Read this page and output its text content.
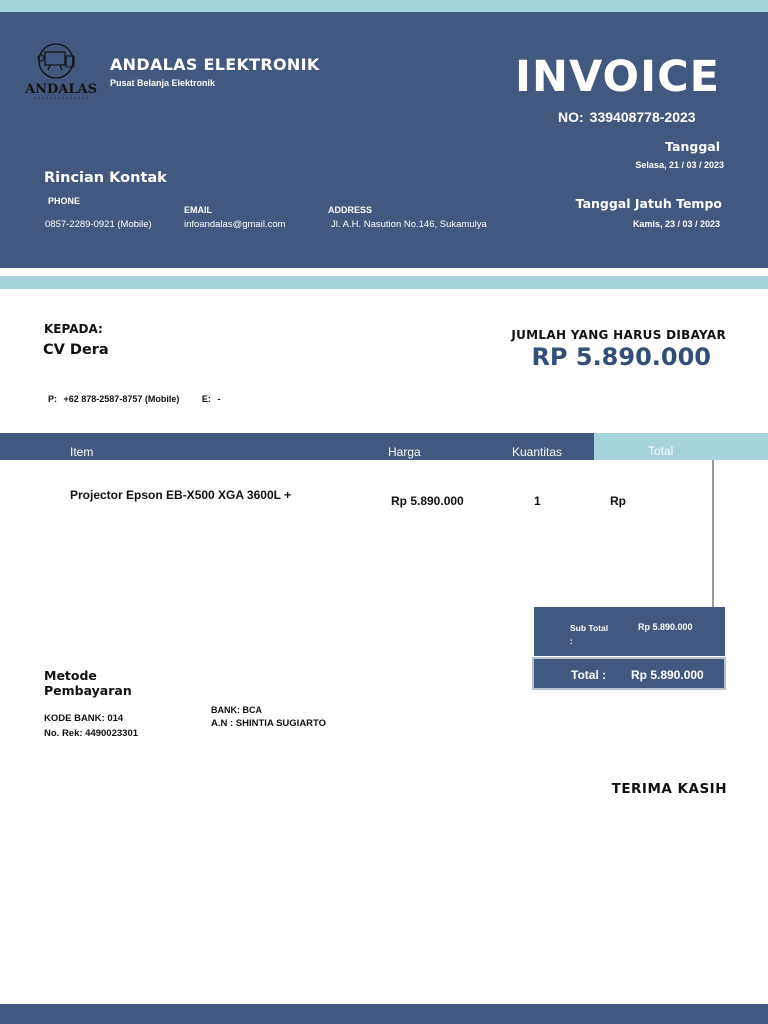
ANDALAS
ANDALAS ELEKTRONIK
Pusat Belanja Elektronik	INVOICE
NO: 339408778-2023
Tanggal
Selasa, 21 / 03 / 2023
Tanggal Jatuh Tempo
Kamis, 23 / 03 / 2023
Rincian Kontak
PHONE
0857-2289-0921 (Mobile)
EMAIL
infoandalas@gmail.com
ADDRESS
Jl. A.H. Nasution No.146, Sukamulya
KEPADA:
CV Dera
P: +62 878-2587-8757 (Mobile)	E: -
JUMLAH YANG HARUS DIBAYAR
RP 5.890.000
Item	Harga	Kuantitas	Total
Projector Epson EB-X500 XGA 3600L +	Rp 5.890.000	1	Rp
Sub Total :
Rp 5.890.000
Total : Rp 5.890.000
Metode Pembayaran
KODE BANK: 014
No. Rek: 4490023301
BANK: BCA
A.N : SHINTIA SUGIARTO
TERIMA KASIH
